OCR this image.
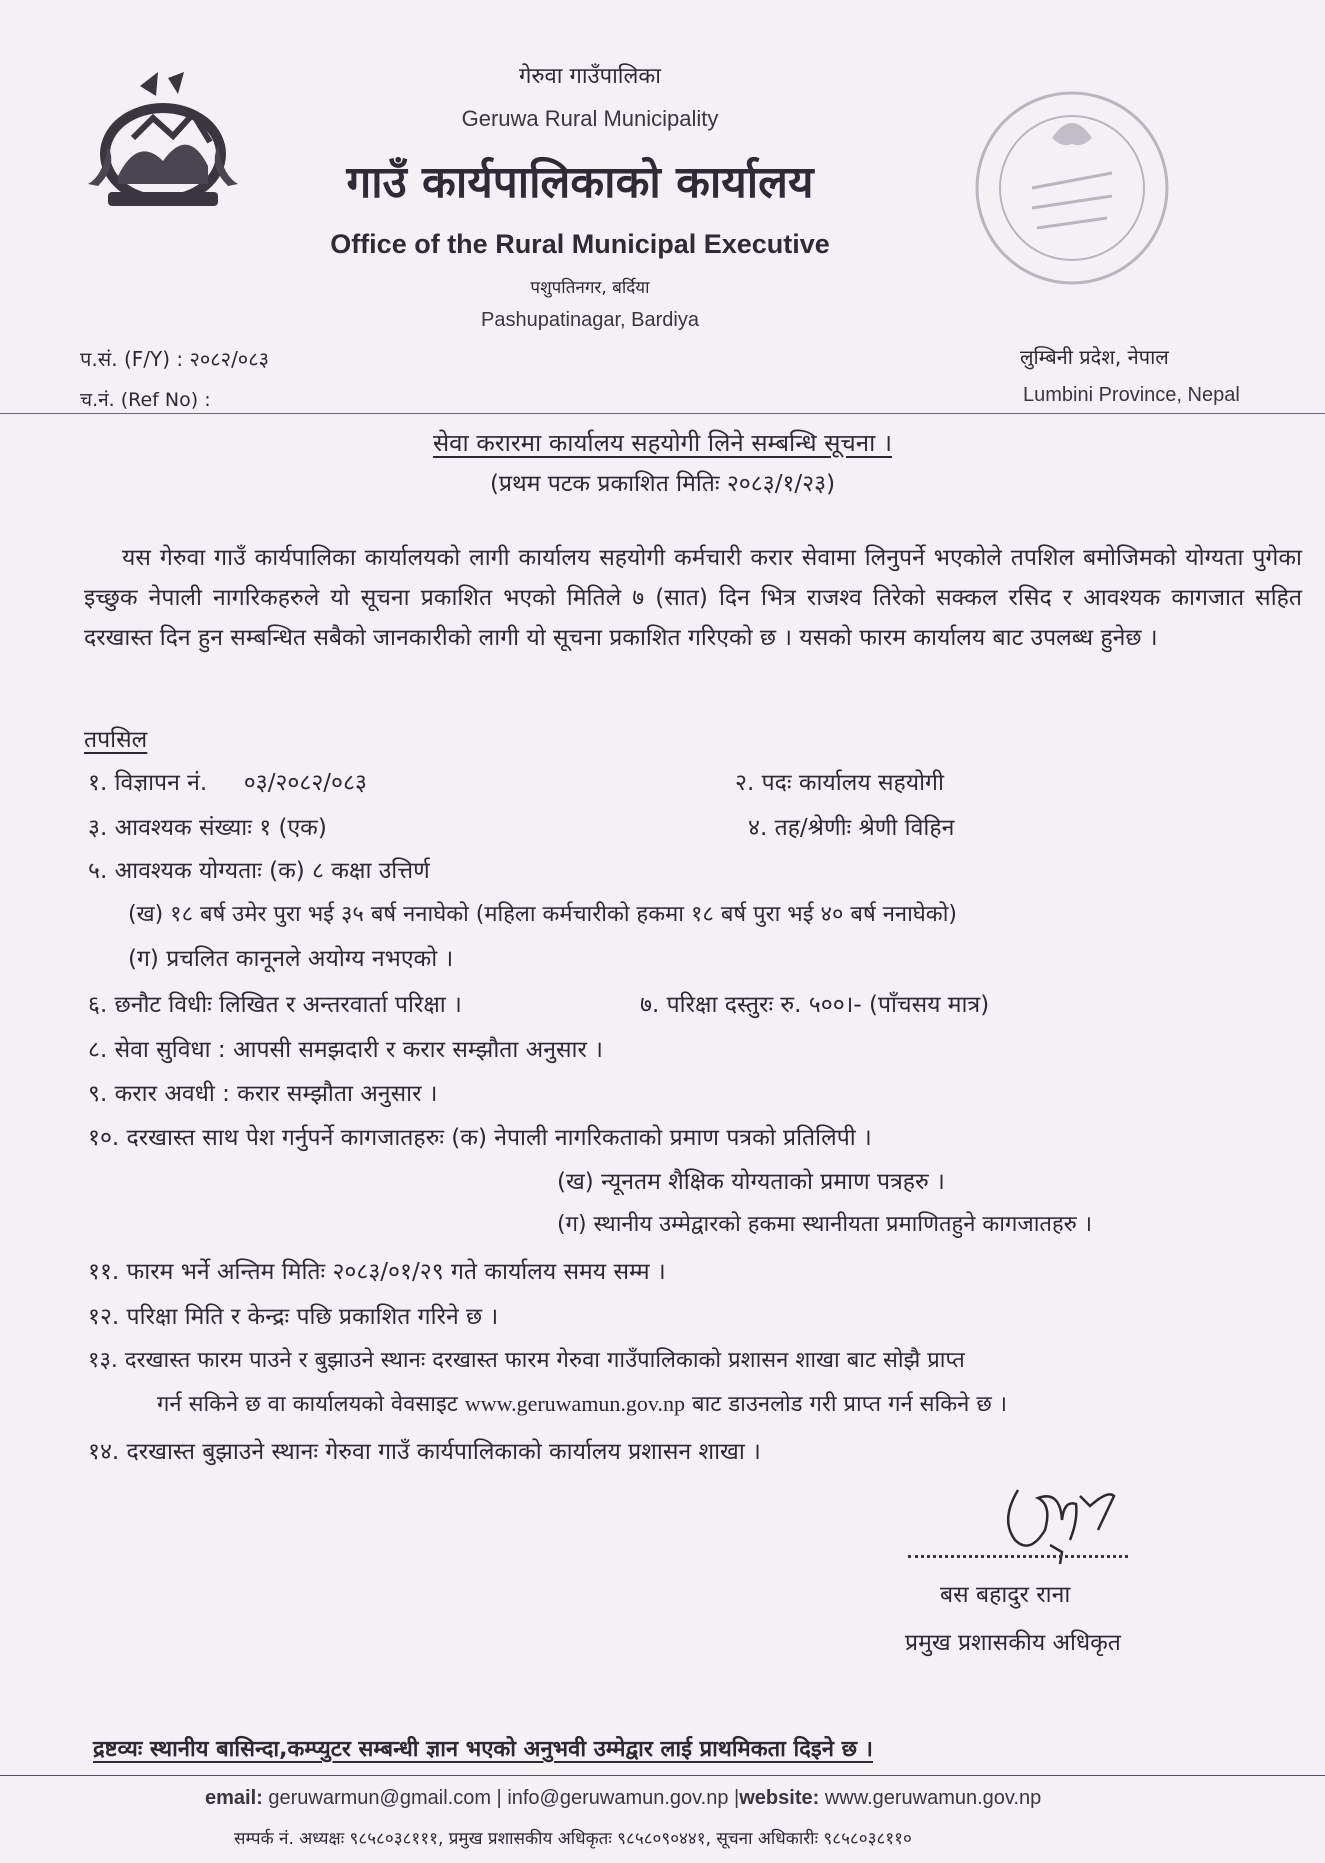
गेरुवा गाउँपालिका
Geruwa Rural Municipality
गाउँ कार्यपालिकाको कार्यालय
Office of the Rural Municipal Executive
पशुपतिनगर, बर्दिया
Pashupatinagar, Bardiya
प.सं. (F/Y) : २०८२/०८३
च.नं. (Ref No) :
लुम्बिनी प्रदेश, नेपाल
Lumbini Province, Nepal
सेवा करारमा कार्यालय सहयोगी लिने सम्बन्धि सूचना ।
(प्रथम पटक प्रकाशित मितिः २०८३/१/२३)
यस गेरुवा गाउँ कार्यपालिका कार्यालयको लागी कार्यालय सहयोगी कर्मचारी करार सेवामा लिनुपर्ने भएकोले तपशिल बमोजिमको योग्यता पुगेका इच्छुक नेपाली नागरिकहरुले यो सूचना प्रकाशित भएको मितिले ७ (सात) दिन भित्र राजश्व तिरेको सक्कल रसिद र आवश्यक कागजात सहित दरखास्त दिन हुन सम्बन्धित सबैको जानकारीको लागी यो सूचना प्रकाशित गरिएको छ । यसको फारम कार्यालय बाट उपलब्ध हुनेछ ।
तपसिल
१. विज्ञापन नं.     ०३/२०८२/०८३	२. पदः कार्यालय सहयोगी
३. आवश्यक संख्याः १ (एक)	४. तह/श्रेणीः श्रेणी विहिन
५. आवश्यक योग्यताः (क) ८ कक्षा उत्तिर्ण
(ख) १८ बर्ष उमेर पुरा भई ३५ बर्ष ननाघेको (महिला कर्मचारीको हकमा १८ बर्ष पुरा भई ४० बर्ष ननाघेको)
(ग) प्रचलित कानूनले अयोग्य नभएको ।
६. छनौट विधीः लिखित र अन्तरवार्ता परिक्षा ।	७. परिक्षा दस्तुरः रु. ५००।- (पाँचसय मात्र)
८. सेवा सुविधा : आपसी समझदारी र करार सम्झौता अनुसार ।
९. करार अवधी : करार सम्झौता अनुसार ।
१०. दरखास्त साथ पेश गर्नुपर्ने कागजातहरुः (क) नेपाली नागरिकताको प्रमाण पत्रको प्रतिलिपी ।
(ख) न्यूनतम शैक्षिक योग्यताको प्रमाण पत्रहरु ।
(ग) स्थानीय उम्मेद्वारको हकमा स्थानीयता प्रमाणितहुने कागजातहरु ।
११. फारम भर्ने अन्तिम मितिः २०८३/०१/२९ गते कार्यालय समय सम्म ।
१२. परिक्षा मिति र केन्द्रः पछि प्रकाशित गरिने छ ।
१३. दरखास्त फारम पाउने र बुझाउने स्थानः दरखास्त फारम गेरुवा गाउँपालिकाको प्रशासन शाखा बाट सोझै प्राप्त
गर्न सकिने छ वा कार्यालयको वेवसाइट www.geruwamun.gov.np बाट डाउनलोड गरी प्राप्त गर्न सकिने छ ।
१४. दरखास्त बुझाउने स्थानः गेरुवा गाउँ कार्यपालिकाको कार्यालय प्रशासन शाखा ।
बस बहादुर राना
प्रमुख प्रशासकीय अधिकृत
द्रष्टव्यः स्थानीय बासिन्दा,कम्प्युटर सम्बन्धी ज्ञान भएको अनुभवी उम्मेद्वार लाई प्राथमिकता दिइने छ ।
email: geruwarmun@gmail.com | info@geruwamun.gov.np |website: www.geruwamun.gov.np
सम्पर्क नं. अध्यक्षः ९८५८०३८१११, प्रमुख प्रशासकीय अधिकृतः ९८५८०९०४४१, सूचना अधिकारीः ९८५८०३८११०
